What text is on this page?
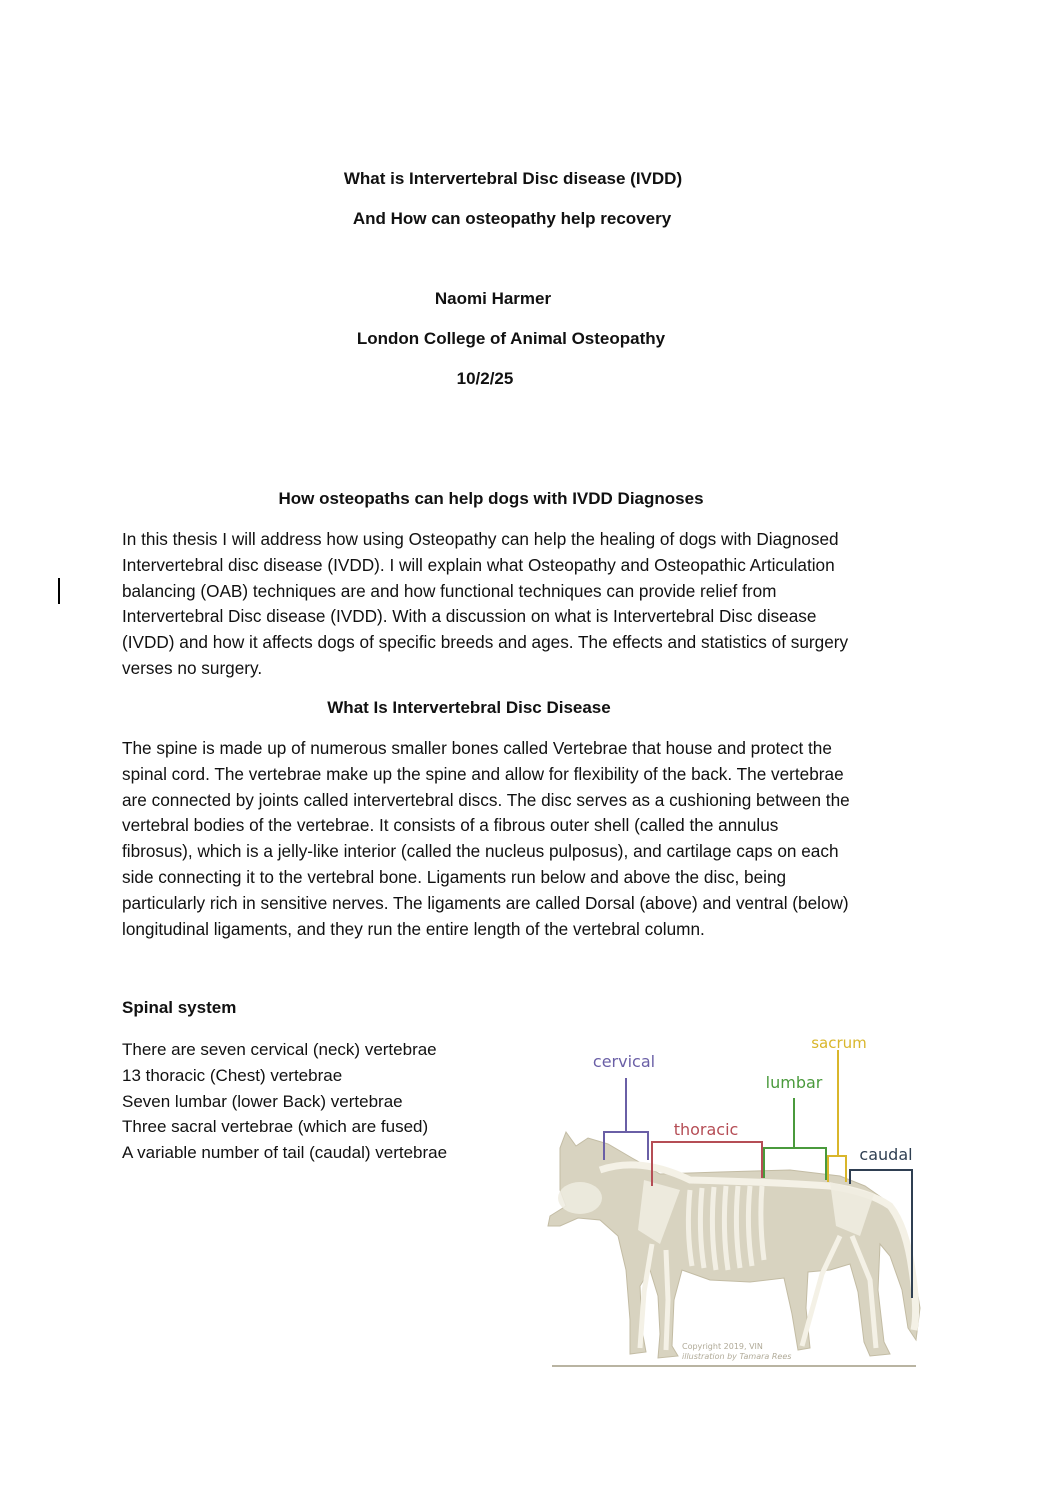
What is Intervertebral Disc disease (IVDD)
And How can osteopathy help recovery
Naomi Harmer
London College of Animal Osteopathy
10/2/25
How osteopaths can help dogs with IVDD Diagnoses

In this thesis I will address how using Osteopathy can help the healing of dogs with Diagnosed

Intervertebral disc disease (IVDD). I will explain what Osteopathy and Osteopathic Articulation

balancing (OAB) techniques are and how functional techniques can provide relief from

Intervertebral Disc disease (IVDD). With a discussion on what is Intervertebral Disc disease

(IVDD) and how it affects dogs of specific breeds and ages. The effects and statistics of surgery

verses no surgery.

What Is Intervertebral Disc Disease

The spine is made up of numerous smaller bones called Vertebrae that house and protect the

spinal cord. The vertebrae make up the spine and allow for flexibility of the back. The vertebrae

are connected by joints called intervertebral discs. The disc serves as a cushioning between the

vertebral bodies of the vertebrae. It consists of a fibrous outer shell (called the annulus

fibrosus), which is a jelly-like interior (called the nucleus pulposus), and cartilage caps on each

side connecting it to the vertebral bone. Ligaments run below and above the disc, being

particularly rich in sensitive nerves. The ligaments are called Dorsal (above) and ventral (below)

longitudinal ligaments, and they run the entire length of the vertebral column.

Spinal system
There are seven cervical (neck) vertebrae
13 thoracic (Chest) vertebrae
Seven lumbar (lower Back) vertebrae
Three sacral vertebrae (which are fused)
A variable number of tail (caudal) vertebrae
cervical
thoracic
lumbar
sacrum
caudal
Copyright 2019, VIN
illustration by Tamara Rees
